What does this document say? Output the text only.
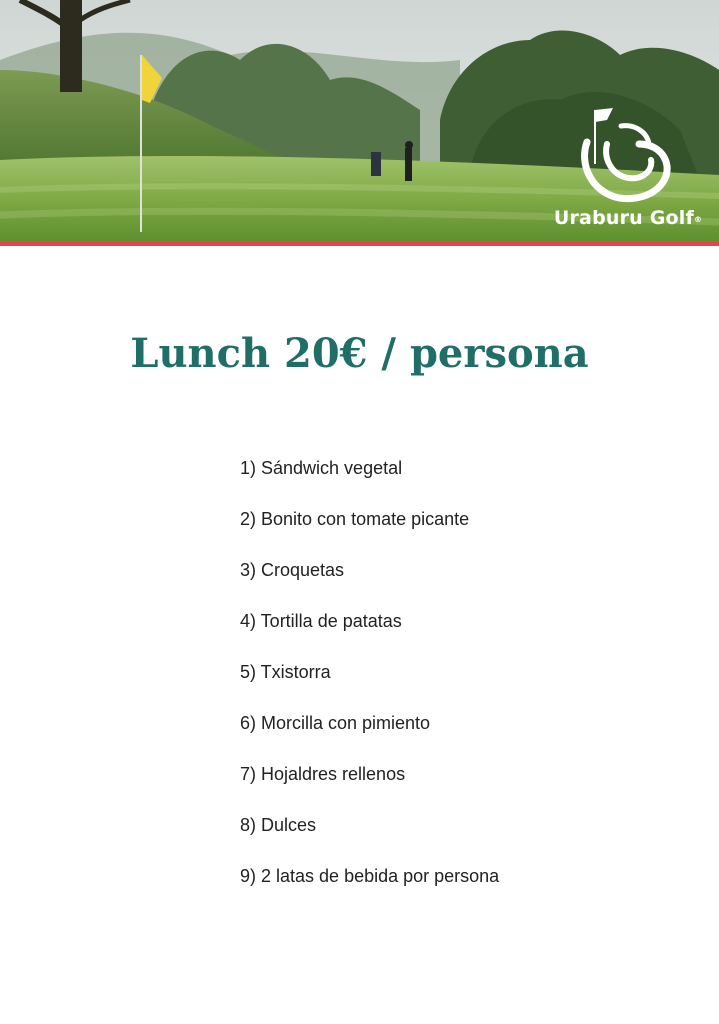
Uraburu Golf®
Lunch 20€ / persona
1) Sándwich vegetal
2) Bonito con tomate picante
3) Croquetas
4) Tortilla de patatas
5) Txistorra
6) Morcilla con pimiento
7) Hojaldres rellenos
8) Dulces
9) 2 latas de bebida por persona
